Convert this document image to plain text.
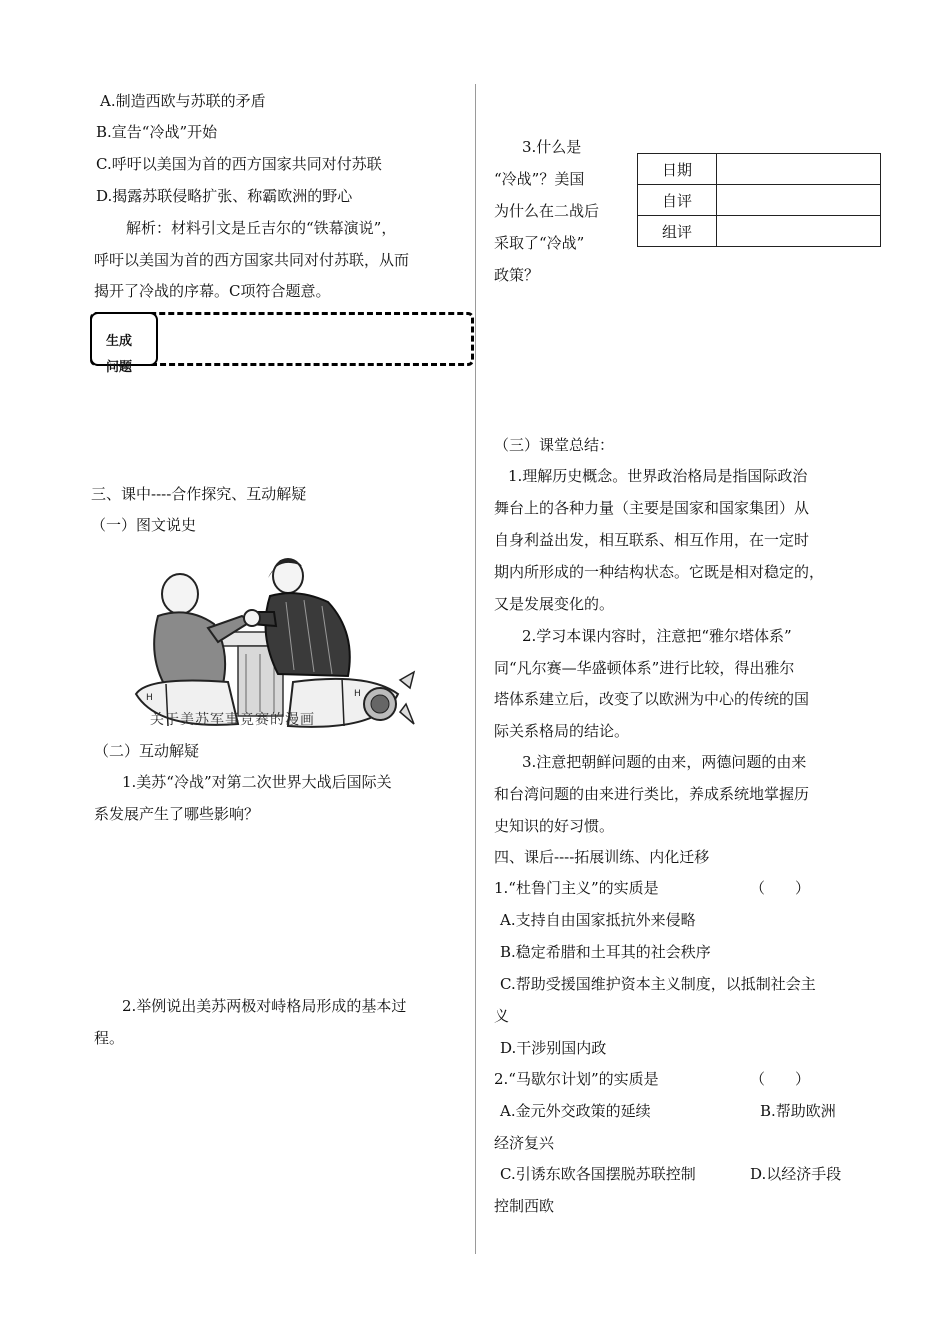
A.制造西欧与苏联的矛盾
B.宣告“冷战”开始
C.呼吁以美国为首的西方国家共同对付苏联
D.揭露苏联侵略扩张、称霸欧洲的野心
解析：材料引文是丘吉尔的“铁幕演说”，
呼吁以美国为首的西方国家共同对付苏联，从而
揭开了冷战的序幕。C项符合题意。
生成
问题
三、课中----合作探究、互动解疑
（一）图文说史
H	H
关于美苏军事竞赛的漫画
（二）互动解疑
1.美苏“冷战”对第二次世界大战后国际关
系发展产生了哪些影响？
2.举例说出美苏两极对峙格局形成的基本过
程。
3.什么是
“冷战”？美国
为什么在二战后
采取了“冷战”
政策？
日期	
自评	
组评	
（三）课堂总结：
1.理解历史概念。世界政治格局是指国际政治
舞台上的各种力量（主要是国家和国家集团）从
自身利益出发，相互联系、相互作用，在一定时
期内所形成的一种结构状态。它既是相对稳定的，
又是发展变化的。
2.学习本课内容时，注意把“雅尔塔体系”
同“凡尔赛—华盛顿体系”进行比较，得出雅尔
塔体系建立后，改变了以欧洲为中心的传统的国
际关系格局的结论。
3.注意把朝鲜问题的由来，两德问题的由来
和台湾问题的由来进行类比，养成系统地掌握历
史知识的好习惯。
四、课后----拓展训练、内化迁移
1.“杜鲁门主义”的实质是	（　　）
A.支持自由国家抵抗外来侵略
B.稳定希腊和土耳其的社会秩序
C.帮助受援国维护资本主义制度，以抵制社会主
义
D.干涉别国内政
2.“马歇尔计划”的实质是	（　　）
A.金元外交政策的延续	B.帮助欧洲
经济复兴
C.引诱东欧各国摆脱苏联控制	D.以经济手段
控制西欧
